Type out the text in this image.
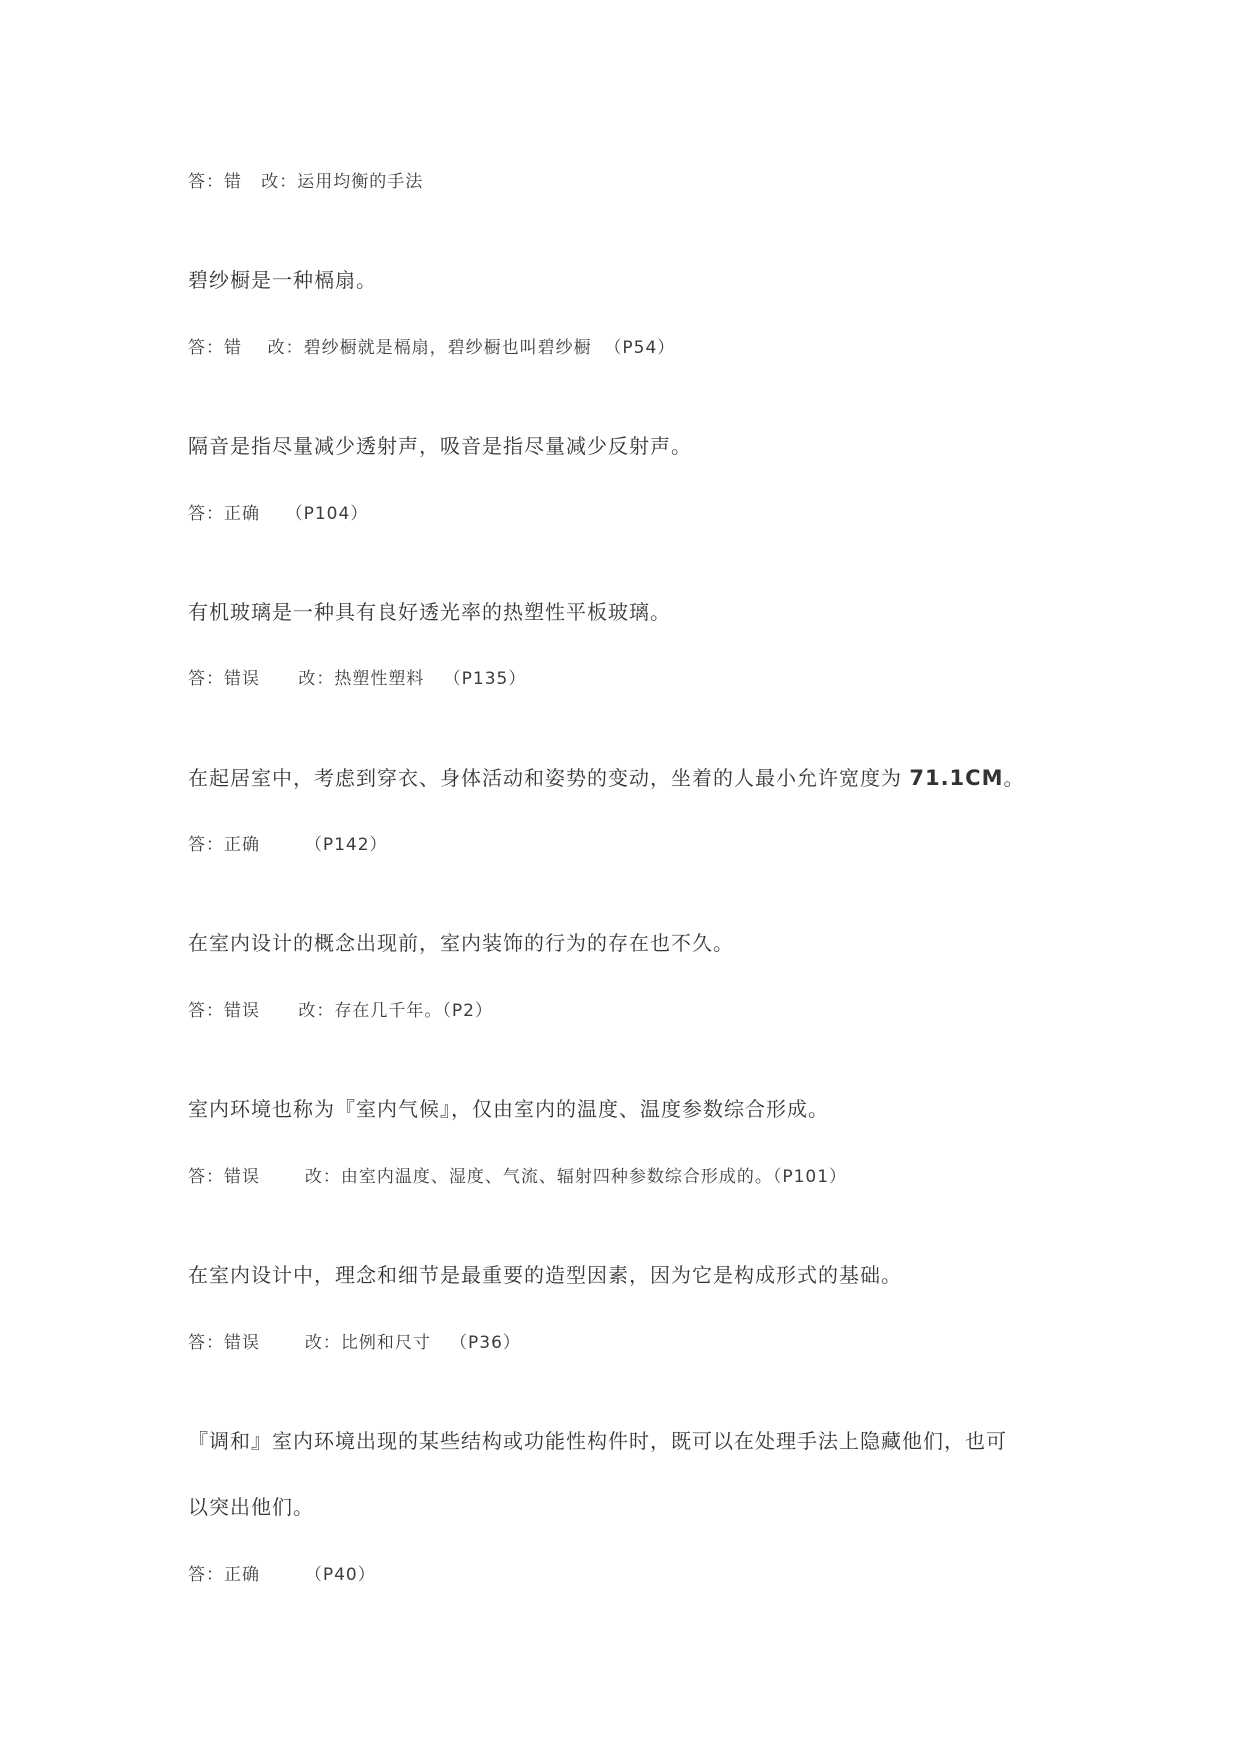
答：错   改：运用均衡的手法
碧纱橱是一种槅扇。
答：错    改：碧纱橱就是槅扇，碧纱橱也叫碧纱橱  （P54）
隔音是指尽量减少透射声，吸音是指尽量减少反射声。
答：正确    （P104）
有机玻璃是一种具有良好透光率的热塑性平板玻璃。
答：错误      改：热塑性塑料   （P135）
在起居室中，考虑到穿衣、身体活动和姿势的变动，坐着的人最小允许宽度为 71.1CM。
答：正确       （P142）
在室内设计的概念出现前，室内装饰的行为的存在也不久。
答：错误      改：存在几千年。（P2）
室内环境也称为『室内气候』，仅由室内的温度、温度参数综合形成。
答：错误       改：由室内温度、湿度、气流、辐射四种参数综合形成的。（P101）
在室内设计中，理念和细节是最重要的造型因素，因为它是构成形式的基础。
答：错误       改：比例和尺寸   （P36）
『调和』室内环境出现的某些结构或功能性构件时，既可以在处理手法上隐藏他们，也可
以突出他们。
答：正确       （P40）
